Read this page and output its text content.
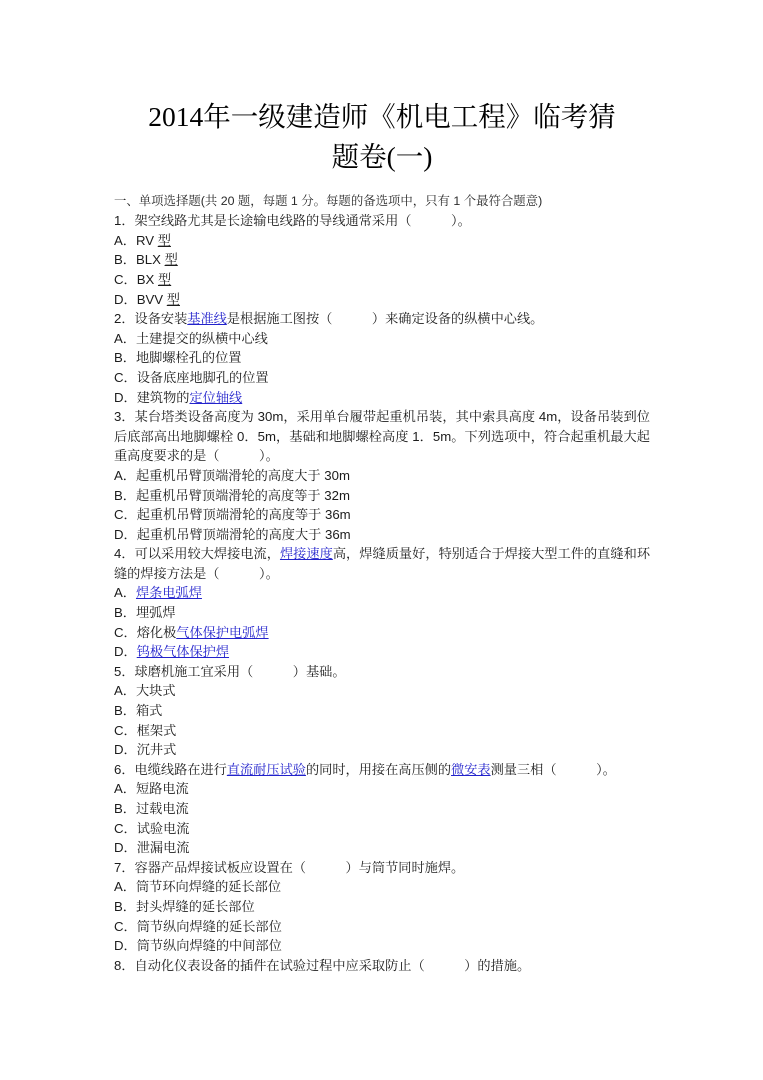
2014年一级建造师《机电工程》临考猜
题卷(一)

一、单项选择题(共 20 题，每题 1 分。每题的备选项中，只有 1 个最符合题意)

1．架空线路尤其是长途输电线路的导线通常采用（　　　）。

A．RV 型

B．BLX 型

C．BX 型

D．BVV 型

2．设备安装基准线是根据施工图按（　　　）来确定设备的纵横中心线。

A．土建提交的纵横中心线

B．地脚螺栓孔的位置

C．设备底座地脚孔的位置

D．建筑物的定位轴线

3．某台塔类设备高度为 30m，采用单台履带起重机吊装，其中索具高度 4m，设备吊装到位后底部高出地脚螺栓 0．5m，基础和地脚螺栓高度 1．5m。下列选项中，符合起重机最大起重高度要求的是（　　　）。

A．起重机吊臂顶端滑轮的高度大于 30m

B．起重机吊臂顶端滑轮的高度等于 32m

C．起重机吊臂顶端滑轮的高度等于 36m

D．起重机吊臂顶端滑轮的高度大于 36m

4．可以采用较大焊接电流，焊接速度高，焊缝质量好，特别适合于焊接大型工件的直缝和环缝的焊接方法是（　　　）。

A．焊条电弧焊

B．埋弧焊

C．熔化极气体保护电弧焊

D．钨极气体保护焊

5．球磨机施工宜采用（　　　）基础。

A．大块式

B．箱式

C．框架式

D．沉井式

6．电缆线路在进行直流耐压试验的同时，用接在高压侧的微安表测量三相（　　　）。

A．短路电流

B．过载电流

C．试验电流

D．泄漏电流

7．容器产品焊接试板应设置在（　　　）与筒节同时施焊。

A．筒节环向焊缝的延长部位

B．封头焊缝的延长部位

C．筒节纵向焊缝的延长部位

D．筒节纵向焊缝的中间部位

8．自动化仪表设备的插件在试验过程中应采取防止（　　　）的措施。
